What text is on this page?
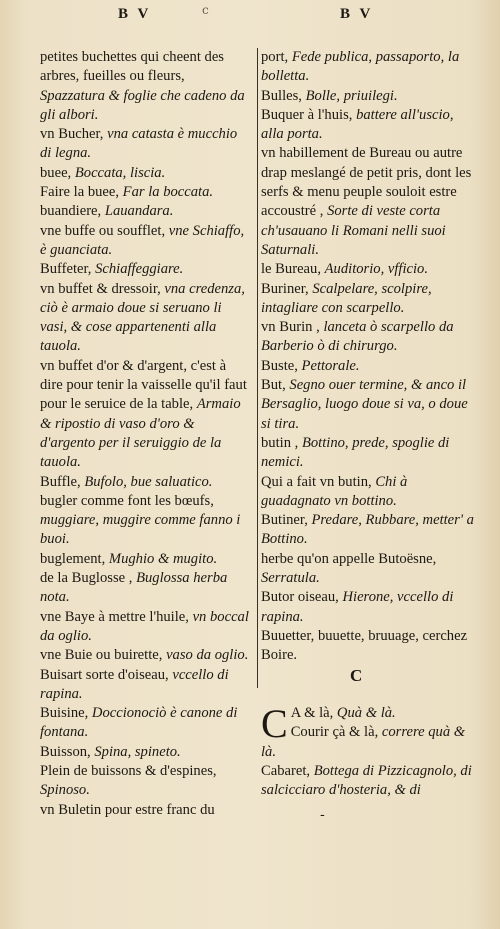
B V	c	B V
petites buchettes qui cheent des arbres, fueilles ou fleurs, Spazzatura & foglie che cadeno da gli albori.
vn Bucher, vna catasta è mucchio di legna.
buee, Boccata, liscia.
Faire la buee, Far la boccata.
buandiere, Lauandara.
vne buffe ou soufflet, vne Schiaffo, è guanciata.
Buffeter, Schiaffeggiare.
vn buffet & dressoir, vna credenza, ciò è armaio doue si seruano li vasi, & cose appartenenti alla tauola.
vn buffet d'or & d'argent, c'est à dire pour tenir la vaisselle qu'il faut pour le seruice de la table, Armaio & ripostio di vaso d'oro & d'argento per il seruiggio de la tauola.
Buffle, Bufolo, bue saluatico.
bugler comme font les bœufs, muggiare, muggire comme fanno i buoi.
buglement, Mughio & mugito.
de la Buglosse , Buglossa herba nota.
vne Baye à mettre l'huile, vn boccal da oglio.
vne Buie ou buirette, vaso da oglio.
Buisart sorte d'oiseau, vccello di rapina.
Buisine, Doccionociò è canone di fontana.
Buisson, Spina, spineto.
Plein de buissons & d'espines, Spinoso.
vn Buletin pour estre franc du
port, Fede publica, passaporto, la bolletta.
Bulles, Bolle, priuilegi.
Buquer à l'huis, battere all'uscio, alla porta.
vn habillement de Bureau ou autre drap meslangé de petit pris, dont les serfs & menu peuple souloit estre accoustré , Sorte di veste corta ch'usauano li Romani nelli suoi Saturnali.
le Bureau, Auditorio, vfficio.
Buriner, Scalpelare, scolpire, intagliare con scarpello.
vn Burin , lanceta ò scarpello da Barberio ò di chirurgo.
Buste, Pettorale.
But, Segno ouer termine, & anco il Bersaglio, luogo doue si va, o doue si tira.
butin , Bottino, prede, spoglie di nemici.
Qui a fait vn butin, Chi à guadagnato vn bottino.
Butiner, Predare, Rubbare, metter' a Bottino.
herbe qu'on appelle Butoësne, Serratula.
Butor oiseau, Hierone, vccello di rapina.
Buuetter, buuette, bruuage, cerchez Boire.
C
C A & là, Quà & là.
Courir çà & là, correre quà & là.
Cabaret, Bottega di Pizzicagnolo, di salcicciaro d'hosteria, & di
-
